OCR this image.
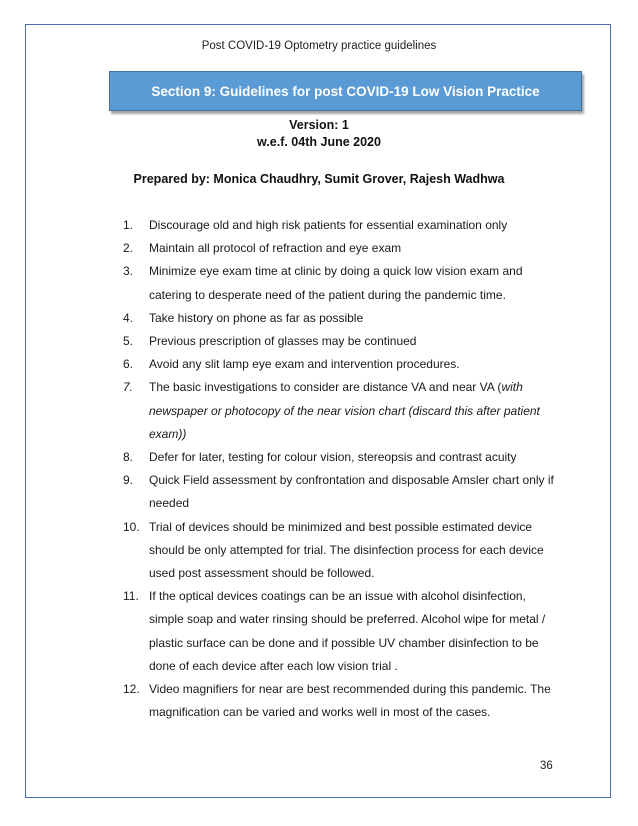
Post COVID-19 Optometry practice guidelines
Section 9: Guidelines for post COVID-19 Low Vision Practice
Version: 1
w.e.f. 04th June 2020
Prepared by: Monica Chaudhry, Sumit Grover, Rajesh Wadhwa
1. Discourage old and high risk patients for essential examination only
2. Maintain all protocol of refraction and eye exam
3. Minimize eye exam time at clinic by doing a quick low vision exam and catering to desperate need of the patient during the pandemic time.
4. Take history on phone as far as possible
5. Previous prescription of glasses may be continued
6. Avoid any slit lamp eye exam and intervention procedures.
7. The basic investigations to consider are distance VA and near VA (with newspaper or photocopy of the near vision chart (discard this after patient exam))
8. Defer for later, testing for colour vision, stereopsis and contrast acuity
9. Quick Field assessment by confrontation and disposable Amsler chart only if needed
10. Trial of devices should be minimized and best possible estimated device should be only attempted for trial. The disinfection process for each device used post assessment should be followed.
11. If the optical devices coatings can be an issue with alcohol disinfection, simple soap and water rinsing should be preferred. Alcohol wipe for metal / plastic surface can be done and if possible UV chamber disinfection to be done of each device after each low vision trial .
12. Video magnifiers for near are best recommended during this pandemic. The magnification can be varied and works well in most of the cases.
36
